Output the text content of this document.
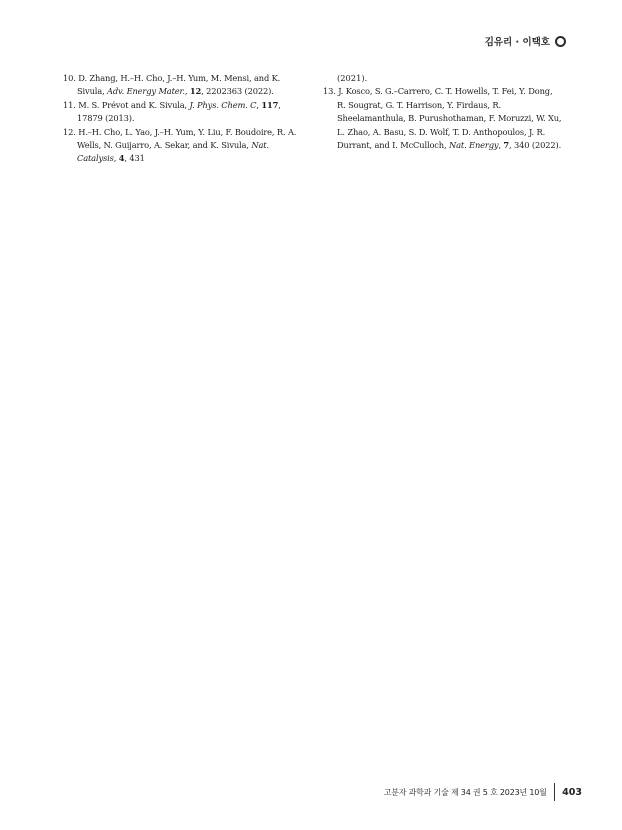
김유리 · 이택호
10. D. Zhang, H.–H. Cho, J.–H. Yum, M. Mensi, and K. Sivula, Adv. Energy Mater., 12, 2202363 (2022).
11. M. S. Prévot and K. Sivula, J. Phys. Chem. C, 117, 17879 (2013).
12. H.–H. Cho, L. Yao, J.–H. Yum, Y. Liu, F. Boudoire, R. A. Wells, N. Guijarro, A. Sekar, and K. Sivula, Nat. Catalysis, 4, 431
(2021).
13. J. Kosco, S. G.–Carrero, C. T. Howells, T. Fei, Y. Dong, R. Sougrat, G. T. Harrison, Y. Firdaus, R. Sheelamanthula, B. Purushothaman, F. Moruzzi, W. Xu, L. Zhao, A. Basu, S. D. Wolf, T. D. Anthopoulos, J. R. Durrant, and I. McCulloch, Nat. Energy, 7, 340 (2022).
고분자 과학과 기술 제 34 권 5 호 2023년 10월 403
